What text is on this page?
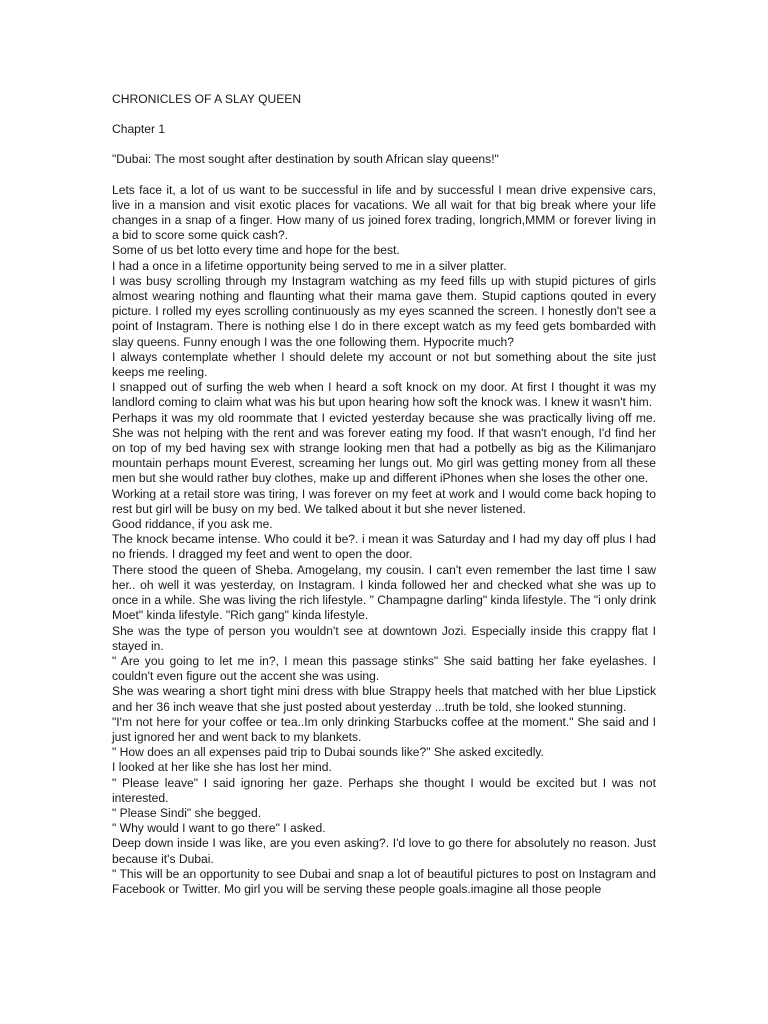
CHRONICLES OF A SLAY QUEEN

Chapter 1

"Dubai: The most sought after destination by south African slay queens!"

Lets face it, a lot of us want to be successful in life and by successful I mean drive expensive cars, live in a mansion and visit exotic places for vacations. We all wait for that big break where your life changes in a snap of a finger. How many of us joined forex trading, longrich,MMM or forever living in a bid to score some quick cash?.

Some of us bet lotto every time and hope for the best.

I had a once in a lifetime opportunity being served to me in a silver platter.

I was busy scrolling through my Instagram watching as my feed fills up with stupid pictures of girls almost wearing nothing and flaunting what their mama gave them. Stupid captions qouted in every picture. I rolled my eyes scrolling continuously as my eyes scanned the screen. I honestly don't see a point of Instagram. There is nothing else I do in there except watch as my feed gets bombarded with slay queens. Funny enough I was the one following them. Hypocrite much?

I always contemplate whether I should delete my account or not but something about the site just keeps me reeling.

I snapped out of surfing the web when I heard a soft knock on my door. At first I thought it was my landlord coming to claim what was his but upon hearing how soft the knock was. I knew it wasn't him.

Perhaps it was my old roommate that I evicted yesterday because she was practically living off me. She was not helping with the rent and was forever eating my food. If that wasn't enough, I'd find her on top of my bed having sex with strange looking men that had a potbelly as big as the Kilimanjaro mountain perhaps mount Everest, screaming her lungs out. Mo girl was getting money from all these men but she would rather buy clothes, make up and different iPhones when she loses the other one.

Working at a retail store was tiring, I was forever on my feet at work and I would come back hoping to rest but girl will be busy on my bed. We talked about it but she never listened.

Good riddance, if you ask me.

The knock became intense. Who could it be?. i mean it was Saturday and I had my day off plus I had no friends. I dragged my feet and went to open the door.

There stood the queen of Sheba. Amogelang, my cousin. I can't even remember the last time I saw her.. oh well it was yesterday, on Instagram. I kinda followed her and checked what she was up to once in a while. She was living the rich lifestyle. " Champagne darling" kinda lifestyle. The "i only drink Moet" kinda lifestyle. "Rich gang" kinda lifestyle.

She was the type of person you wouldn't see at downtown Jozi. Especially inside this crappy flat I stayed in.

" Are you going to let me in?, I mean this passage stinks" She said batting her fake eyelashes. I couldn't even figure out the accent she was using.

She was wearing a short tight mini dress with blue Strappy heels that matched with her blue Lipstick and her 36 inch weave that she just posted about yesterday ...truth be told, she looked stunning.

"I'm not here for your coffee or tea..Im only drinking Starbucks coffee at the moment." She said and I just ignored her and went back to my blankets.

" How does an all expenses paid trip to Dubai sounds like?" She asked excitedly.

I looked at her like she has lost her mind.

" Please leave" I said ignoring her gaze. Perhaps she thought I would be excited but I was not interested.

" Please Sindi" she begged.

" Why would I want to go there" I asked.

Deep down inside I was like, are you even asking?. I'd love to go there for absolutely no reason. Just because it's Dubai.

" This will be an opportunity to see Dubai and snap a lot of beautiful pictures to post on Instagram and Facebook or Twitter. Mo girl you will be serving these people goals.imagine all those people
